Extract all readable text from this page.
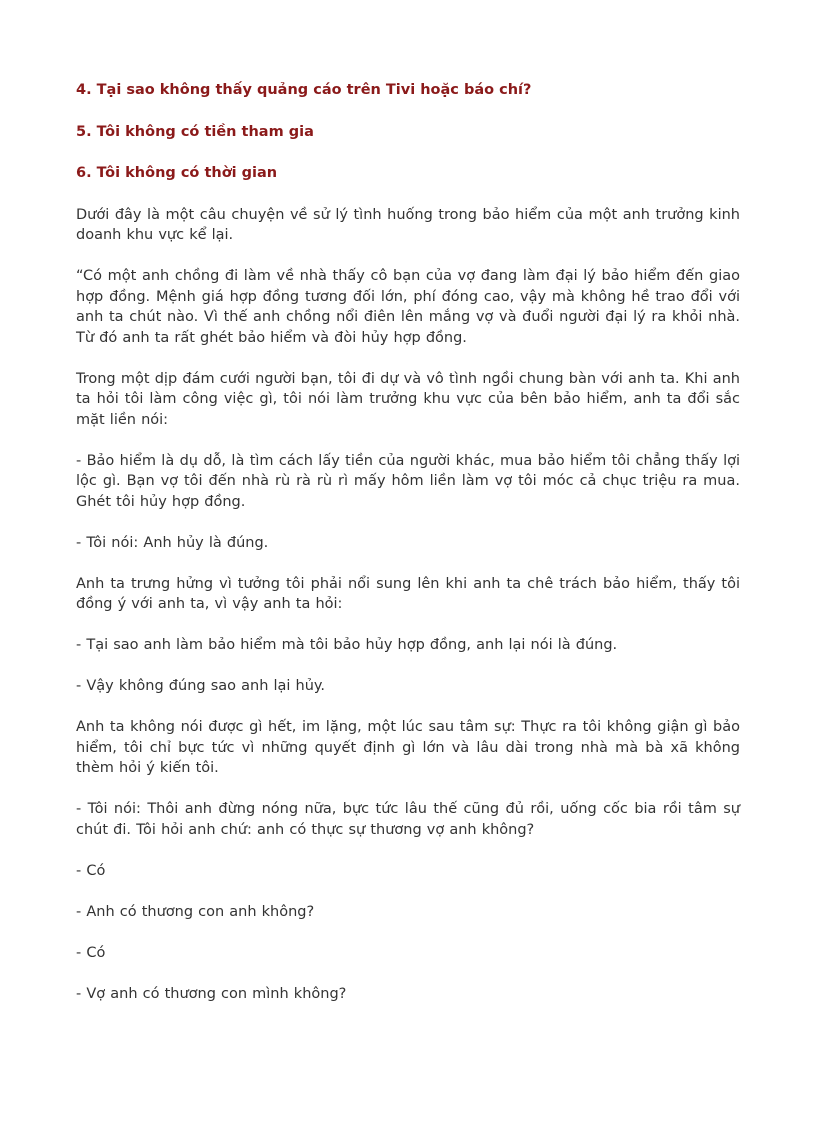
4. Tại sao không thấy quảng cáo trên Tivi hoặc báo chí?
5. Tôi không có tiền tham gia
6. Tôi không có thời gian

Dưới đây là một câu chuyện về sử lý tình huống trong bảo hiểm của một anh trưởng kinh doanh khu vực kể lại.

“Có một anh chồng đi làm về nhà thấy cô bạn của vợ đang làm đại lý bảo hiểm đến giao hợp đồng. Mệnh giá hợp đồng tương đối lớn, phí đóng cao, vậy mà không hề trao đổi với anh ta chút nào. Vì thế anh chồng nổi điên lên mắng vợ và đuổi người đại lý ra khỏi nhà. Từ đó anh ta rất ghét bảo hiểm và đòi hủy hợp đồng.

Trong một dịp đám cưới người bạn, tôi đi dự và vô tình ngồi chung bàn với anh ta. Khi anh ta hỏi tôi làm công việc gì, tôi nói làm trưởng khu vực của bên bảo hiểm, anh ta đổi sắc mặt liền nói:

- Bảo hiểm là dụ dỗ, là tìm cách lấy tiền của người khác, mua bảo hiểm tôi chẳng thấy lợi lộc gì. Bạn vợ tôi đến nhà rù rà rù rì mấy hôm liền làm vợ tôi móc cả chục triệu ra mua. Ghét tôi hủy hợp đồng.

- Tôi nói: Anh hủy là đúng.

Anh ta trưng hửng vì tưởng tôi phải nổi sung lên khi anh ta chê trách bảo hiểm, thấy tôi đồng ý với anh ta, vì vậy anh ta hỏi:

- Tại sao anh làm bảo hiểm mà tôi bảo hủy hợp đồng, anh lại nói là đúng.

- Vậy không đúng sao anh lại hủy.

Anh ta không nói được gì hết, im lặng, một lúc sau tâm sự: Thực ra tôi không giận gì bảo hiểm, tôi chỉ bực tức vì những quyết định gì lớn và lâu dài trong nhà mà bà xã không thèm hỏi ý kiến tôi.

- Tôi nói: Thôi anh đừng nóng nữa, bực tức lâu thế cũng đủ rồi, uống cốc bia rồi tâm sự chút đi. Tôi hỏi anh chứ: anh có thực sự thương vợ anh không?

- Có

- Anh có thương con anh không?

- Có

- Vợ anh có thương con mình không?
